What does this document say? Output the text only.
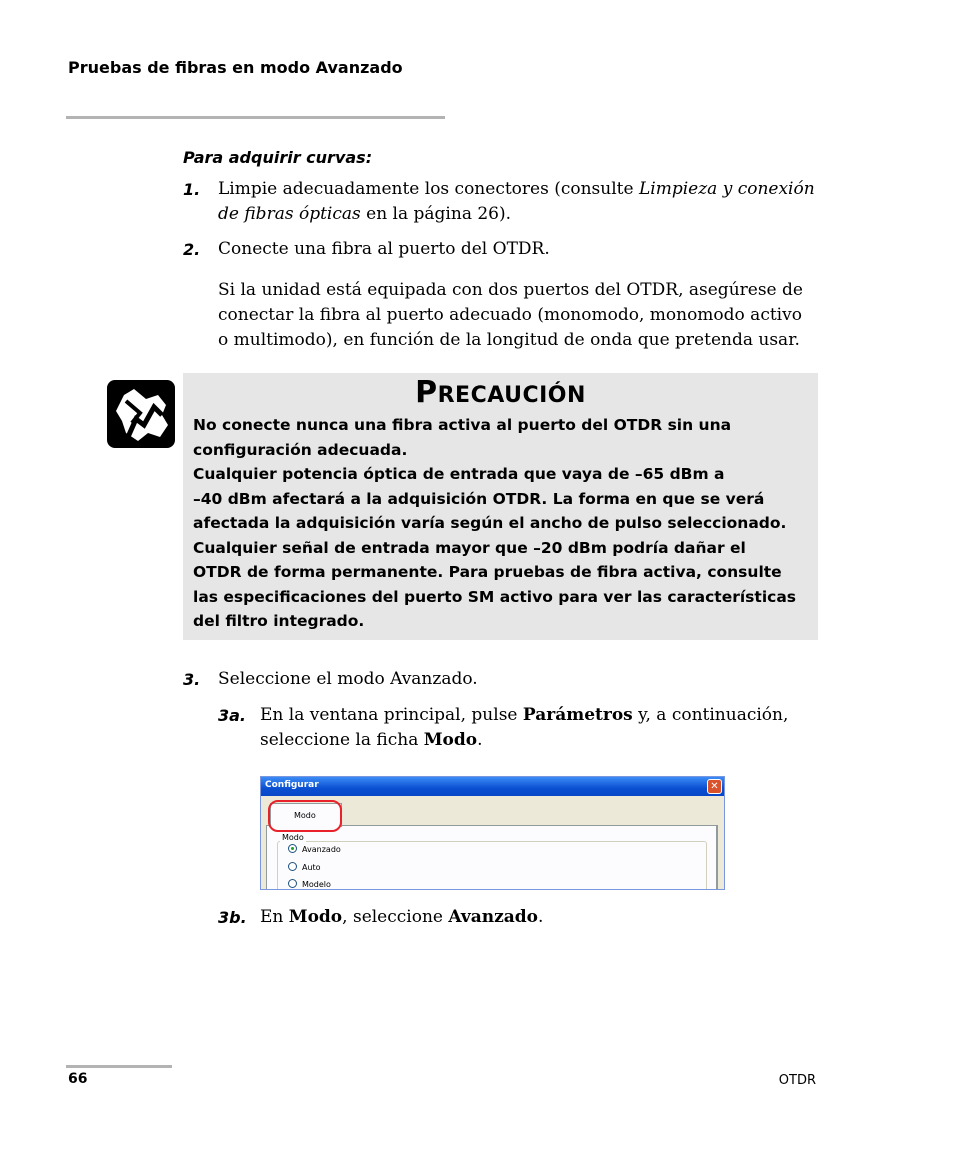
Pruebas de fibras en modo Avanzado
Para adquirir curvas:
1. Limpie adecuadamente los conectores (consulte Limpieza y conexión de fibras ópticas en la página 26).
2. Conecte una fibra al puerto del OTDR.
Si la unidad está equipada con dos puertos del OTDR, asegúrese de conectar la fibra al puerto adecuado (monomodo, monomodo activo o multimodo), en función de la longitud de onda que pretenda usar.
PRECAUCIÓN
No conecte nunca una fibra activa al puerto del OTDR sin una
configuración adecuada.
Cualquier potencia óptica de entrada que vaya de –65 dBm a
–40 dBm afectará a la adquisición OTDR. La forma en que se verá
afectada la adquisición varía según el ancho de pulso seleccionado.
Cualquier señal de entrada mayor que –20 dBm podría dañar el
OTDR de forma permanente. Para pruebas de fibra activa, consulte
las especificaciones del puerto SM activo para ver las características
del filtro integrado.
3. Seleccione el modo Avanzado.
3a. En la ventana principal, pulse Parámetros y, a continuación,
seleccione la ficha Modo.
Configurar	✕
Modo
Modo
Avanzado
Auto
Modelo
3b. En Modo, seleccione Avanzado.
66	OTDR
